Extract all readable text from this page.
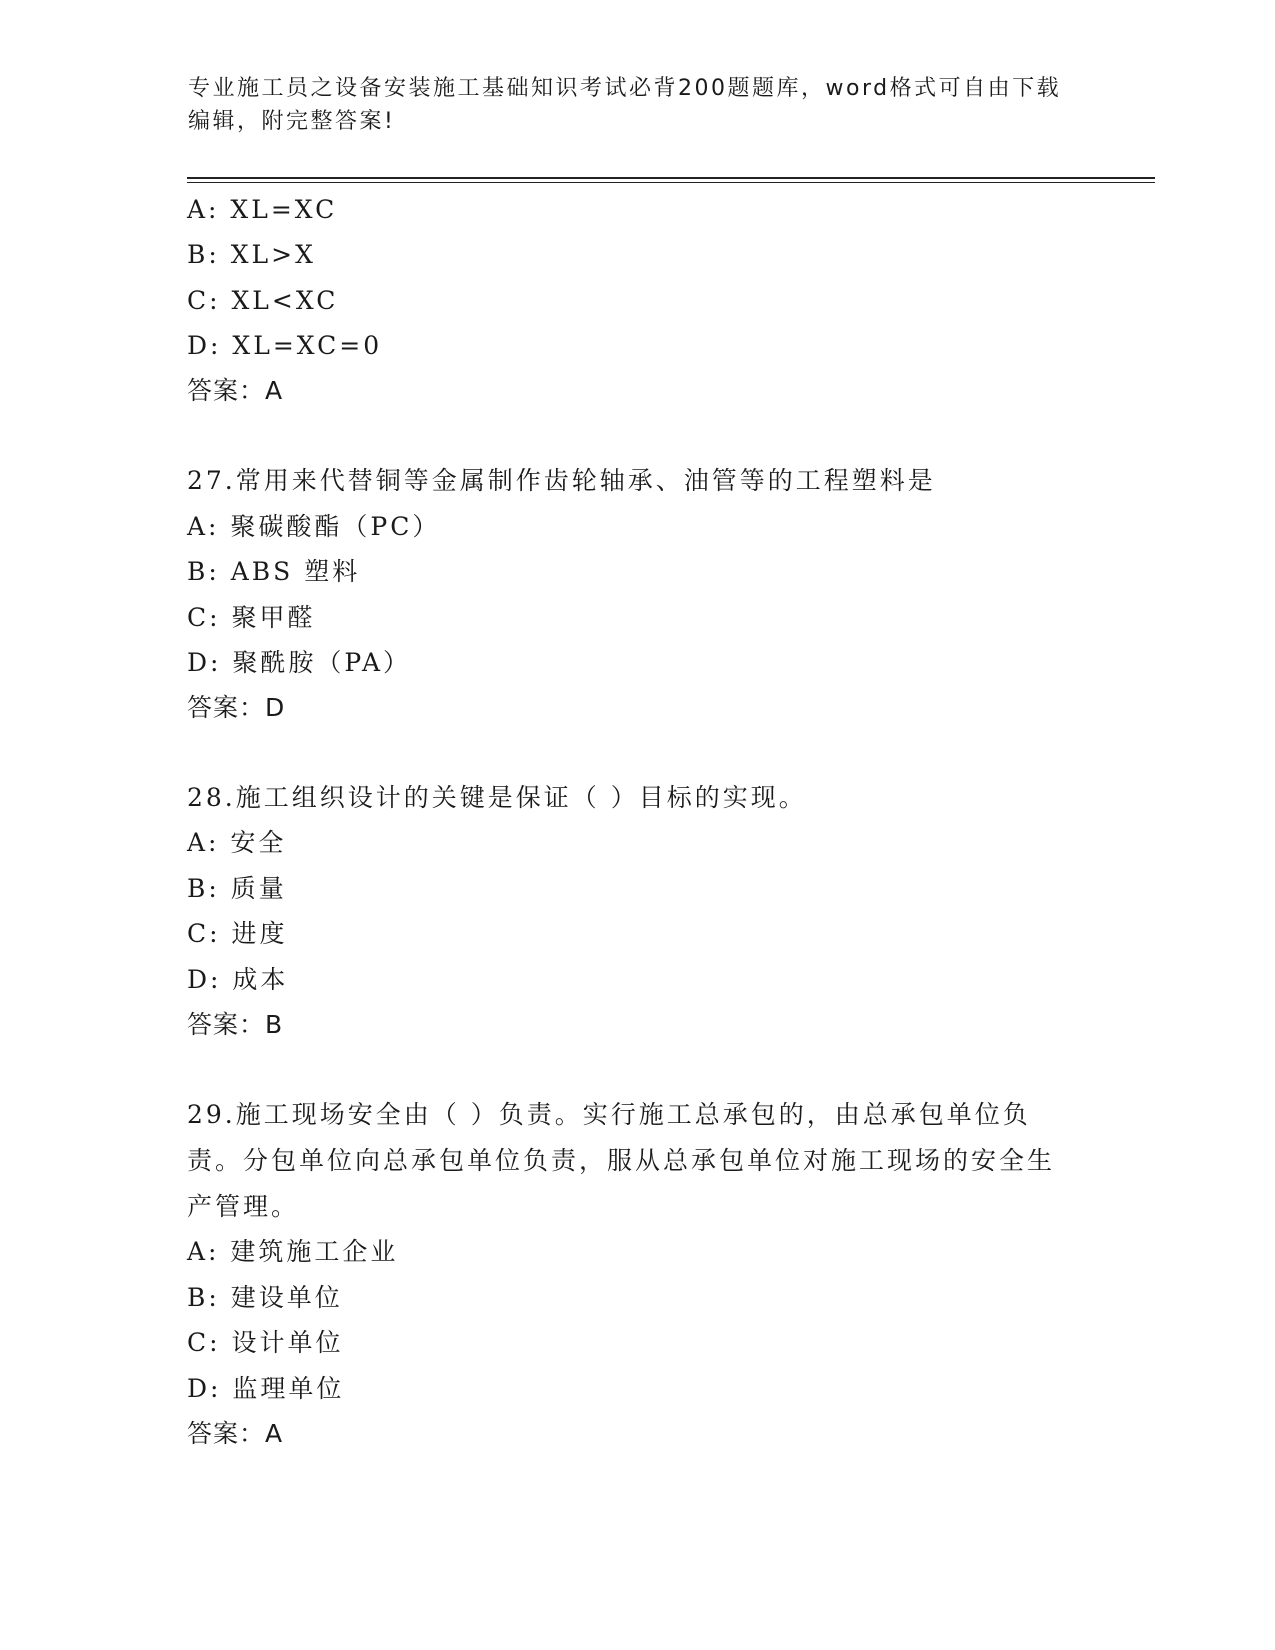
专业施工员之设备安装施工基础知识考试必背200题题库，word格式可自由下载
编辑，附完整答案!
A: XL=XC
B: XL>X
C: XL<XC
D: XL=XC=0
答案：A
27.常用来代替铜等金属制作齿轮轴承、油管等的工程塑料是
A: 聚碳酸酯（PC）
B: ABS 塑料
C: 聚甲醛
D: 聚酰胺（PA）
答案：D
28.施工组织设计的关键是保证（ ）目标的实现。
A: 安全
B: 质量
C: 进度
D: 成本
答案：B
29.施工现场安全由（ ）负责。实行施工总承包的，由总承包单位负责。分包单位向总承包单位负责，服从总承包单位对施工现场的安全生产管理。
A: 建筑施工企业
B: 建设单位
C: 设计单位
D: 监理单位
答案：A
